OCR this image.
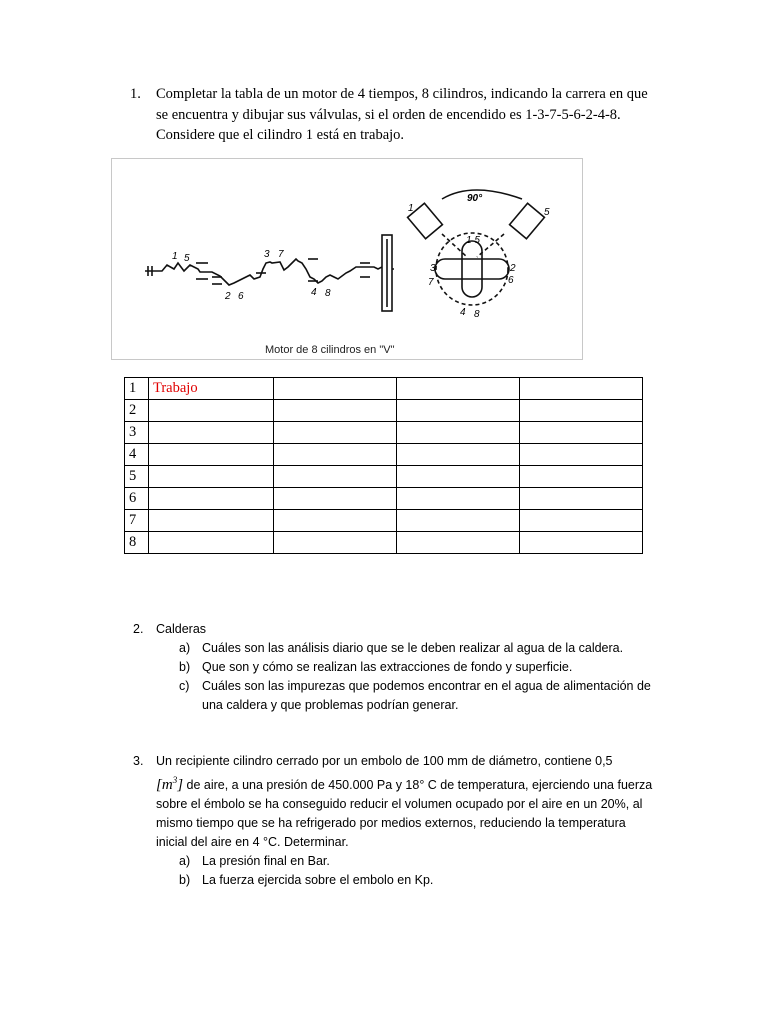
1. Completar la tabla de un motor de 4 tiempos, 8 cilindros, indicando la carrera en que se encuentra y dibujar sus válvulas, si el orden de encendido es 1-3-7-5-6-2-4-8. Considere que el cilindro 1 está en trabajo.
1 5
2 6
3 7
4 8
90°
1	5
1 5
3
7
2
6
4 8
Motor de 8 cilindros en "V"
1	Trabajo			
2				
3				
4				
5				
6				
7				
8				
2. Calderas
a) Cuáles son las análisis diario que se le deben realizar al agua de la caldera.
b) Que son y cómo se realizan las extracciones de fondo y superficie.
c) Cuáles son las impurezas que podemos encontrar en el agua de alimentación de una caldera y que problemas podrían generar.
3. Un recipiente cilindro cerrado por un embolo de 100 mm de diámetro, contiene 0,5
$[m^3]$ de aire, a una presión de 450.000 Pa y 18° C de temperatura, ejerciendo una fuerza sobre el émbolo se ha conseguido reducir el volumen ocupado por el aire en un 20%, al mismo tiempo que se ha refrigerado por medios externos, reduciendo la temperatura inicial del aire en 4 °C. Determinar.
a) La presión final en Bar.
b) La fuerza ejercida sobre el embolo en Kp.
